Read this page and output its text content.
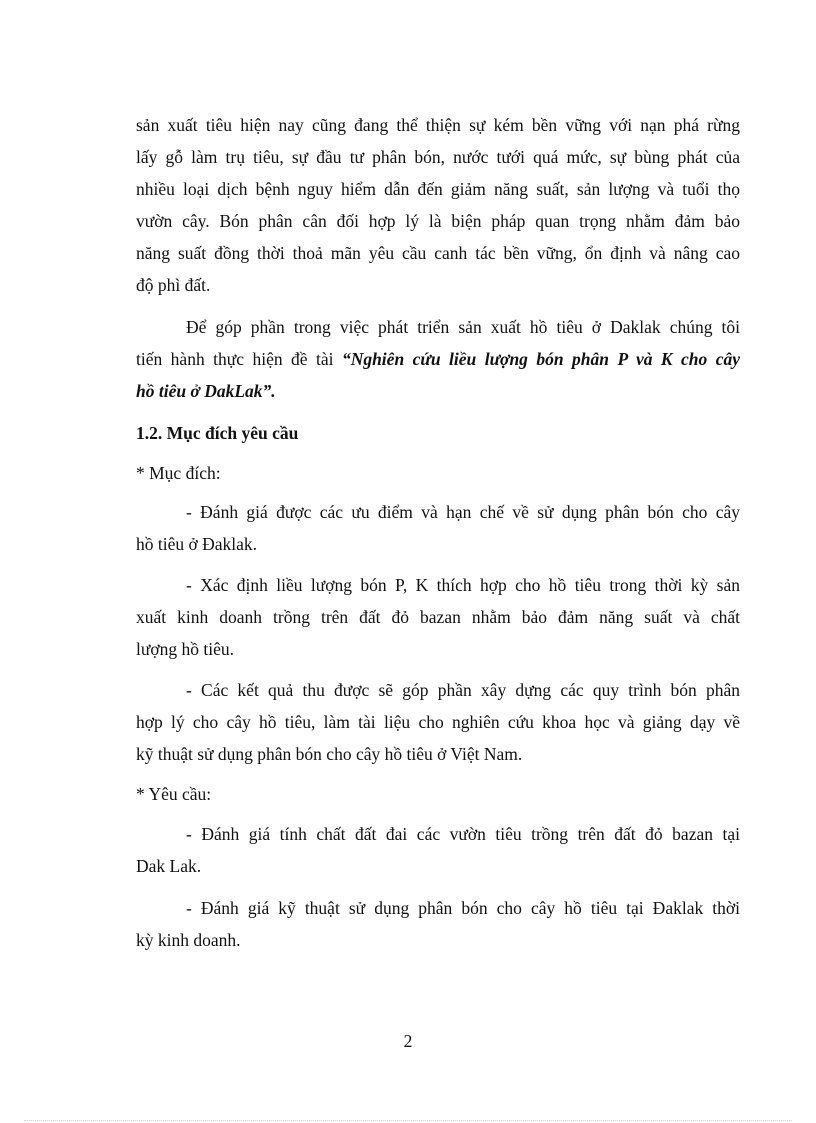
sản xuất tiêu hiện nay cũng đang thể thiện sự kém bền vững với nạn phá rừng
lấy gỗ làm trụ tiêu, sự đầu tư phân bón, nước tưới quá mức, sự bùng phát của
nhiều loại dịch bệnh nguy hiểm dẫn đến giảm năng suất, sản lượng và tuổi thọ
vườn cây. Bón phân cân đối hợp lý là biện pháp quan trọng nhằm đảm bảo
năng suất đồng thời thoả mãn yêu cầu canh tác bền vững, ổn định và nâng cao
độ phì đất.
Để góp phần trong việc phát triển sản xuất hồ tiêu ở Daklak chúng tôi
tiến hành thực hiện đề tài “Nghiên cứu liều lượng bón phân P và K cho cây
hồ tiêu ở DakLak”.
1.2. Mục đích yêu cầu
* Mục đích:
- Đánh giá được các ưu điểm và hạn chế về sử dụng phân bón cho cây
hồ tiêu ở Đaklak.
- Xác định liều lượng bón P, K thích hợp cho hồ tiêu trong thời kỳ sản
xuất kinh doanh trồng trên đất đỏ bazan nhằm bảo đảm năng suất và chất
lượng hồ tiêu.
- Các kết quả thu được sẽ góp phần xây dựng các quy trình bón phân
hợp lý cho cây hồ tiêu, làm tài liệu cho nghiên cứu khoa học và giảng dạy về
kỹ thuật sử dụng phân bón cho cây hồ tiêu ở Việt Nam.
* Yêu cầu:
- Đánh giá tính chất đất đai các vườn tiêu trồng trên đất đỏ bazan tại
Dak Lak.
- Đánh giá kỹ thuật sử dụng phân bón cho cây hồ tiêu tại Đaklak thời
kỳ kinh doanh.
2
